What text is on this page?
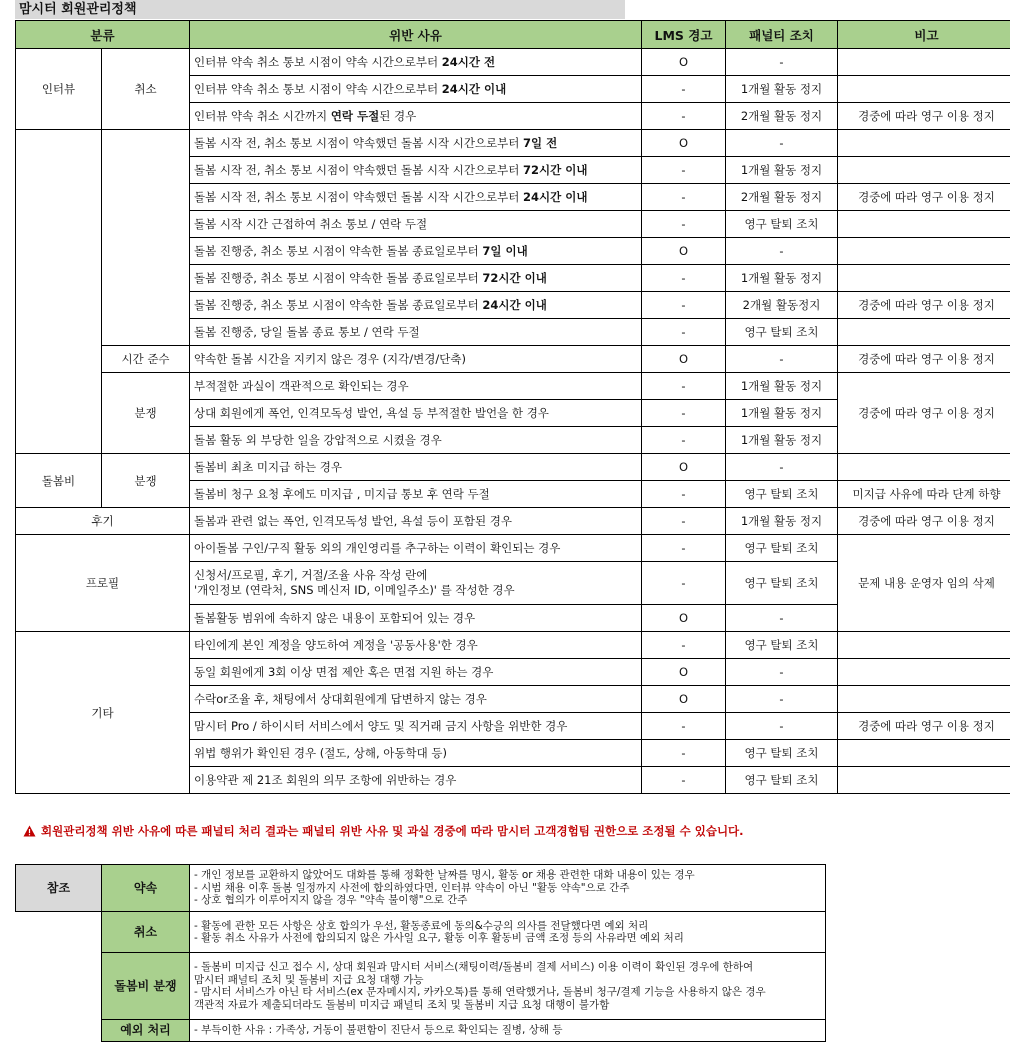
맘시터 회원관리정책
분류		위반 사유	LMS 경고	패널티 조치	비고
인터뷰	취소	인터뷰 약속 취소 통보 시점이 약속 시간으로부터 24시간 전	O	-	
		인터뷰 약속 취소 통보 시점이 약속 시간으로부터 24시간 이내	-	1개월 활동 정지	
		인터뷰 약속 취소 시간까지 연락 두절된 경우	-	2개월 활동 정지	경중에 따라 영구 이용 정지
		돌봄 시작 전, 취소 통보 시점이 약속했던 돌봄 시작 시간으로부터 7일 전	O	-	
		돌봄 시작 전, 취소 통보 시점이 약속했던 돌봄 시작 시간으로부터 72시간 이내	-	1개월 활동 정지	
		돌봄 시작 전, 취소 통보 시점이 약속했던 돌봄 시작 시간으로부터 24시간 이내	-	2개월 활동 정지	경중에 따라 영구 이용 정지
		돌봄 시작 시간 근접하여 취소 통보 / 연락 두절	-	영구 탈퇴 조치	
		돌봄 진행중, 취소 통보 시점이 약속한 돌봄 종료일로부터 7일 이내	O	-	
		돌봄 진행중, 취소 통보 시점이 약속한 돌봄 종료일로부터 72시간 이내	-	1개월 활동 정지	
		돌봄 진행중, 취소 통보 시점이 약속한 돌봄 종료일로부터 24시간 이내	-	2개월 활동정지	경중에 따라 영구 이용 정지
		돌봄 진행중, 당일 돌봄 종료 통보 / 연락 두절	-	영구 탈퇴 조치	
	시간 준수	약속한 돌봄 시간을 지키지 않은 경우 (지각/변경/단축)	O	-	경중에 따라 영구 이용 정지
	분쟁	부적절한 과실이 객관적으로 확인되는 경우	-	1개월 활동 정지	경중에 따라 영구 이용 정지
		상대 회원에게 폭언, 인격모독성 발언, 욕설 등 부적절한 발언을 한 경우	-	1개월 활동 정지	
		돌봄 활동 외 부당한 일을 강압적으로 시켰을 경우	-	1개월 활동 정지	
돌봄비	분쟁	돌봄비 최초 미지급 하는 경우	O	-	
		돌봄비 청구 요청 후에도 미지급 , 미지급 통보 후 연락 두절	-	영구 탈퇴 조치	미지급 사유에 따라 단계 하향
후기		돌봄과 관련 없는 폭언, 인격모독성 발언, 욕설 등이 포함된 경우	-	1개월 활동 정지	경중에 따라 영구 이용 정지
프로필		아이돌봄 구인/구직 활동 외의 개인영리를 추구하는 이력이 확인되는 경우	-	영구 탈퇴 조치	문제 내용 운영자 임의 삭제
		신청서/프로필, 후기, 거절/조율 사유 작성 란에
'개인정보 (연락처, SNS 메신저 ID, 이메일주소)' 를 작성한 경우	-	영구 탈퇴 조치	
		돌봄활동 범위에 속하지 않은 내용이 포함되어 있는 경우	O	-	
기타		타인에게 본인 계정을 양도하여 계정을 '공동사용'한 경우	-	영구 탈퇴 조치	
		동일 회원에게 3회 이상 면접 제안 혹은 면접 지원 하는 경우	O	-	
		수락or조율 후, 채팅에서 상대회원에게 답변하지 않는 경우	O	-	
		맘시터 Pro / 하이시터 서비스에서 양도 및 직거래 금지 사항을 위반한 경우	-	-	경중에 따라 영구 이용 정지
		위법 행위가 확인된 경우 (절도, 상해, 아동학대 등)	-	영구 탈퇴 조치	
		이용약관 제 21조 회원의 의무 조항에 위반하는 경우	-	영구 탈퇴 조치	
회원관리정책 위반 사유에 따른 패널티 처리 결과는 패널티 위반 사유 및 과실 경중에 따라 맘시터 고객경험팀 권한으로 조정될 수 있습니다.
참조	약속	- 개인 정보를 교환하지 않았어도 대화를 통해 정확한 날짜를 명시, 활동 or 채용 관련한 대화 내용이 있는 경우
- 시범 채용 이후 돌봄 일정까지 사전에 합의하였다면, 인터뷰 약속이 아닌 "활동 약속"으로 간주
- 상호 협의가 이루어지지 않을 경우 "약속 불이행"으로 간주

	취소	- 활동에 관한 모든 사항은 상호 합의가 우선, 활동종료에 동의&수긍의 의사를 전달했다면 예외 처리
- 활동 취소 사유가 사전에 합의되지 않은 가사일 요구, 활동 이후 활동비 금액 조정 등의 사유라면 예외 처리

	돌봄비 분쟁	- 돌봄비 미지급 신고 접수 시, 상대 회원과 맘시터 서비스(채팅이력/돌봄비 결제 서비스) 이용 이력이 확인된 경우에 한하여
맘시터 패널티 조치 및 돌봄비 지급 요청 대행 가능
- 맘시터 서비스가 아닌 타 서비스(ex 문자메시지, 카카오톡)를 통해 연락했거나, 돌봄비 청구/결제 기능을 사용하지 않은 경우
객관적 자료가 제출되더라도 돌봄비 미지급 패널티 조치 및 돌봄비 지급 요청 대행이 불가함

	예외 처리	- 부득이한 사유 : 가족상, 거동이 불편함이 진단서 등으로 확인되는 질병, 상해 등
